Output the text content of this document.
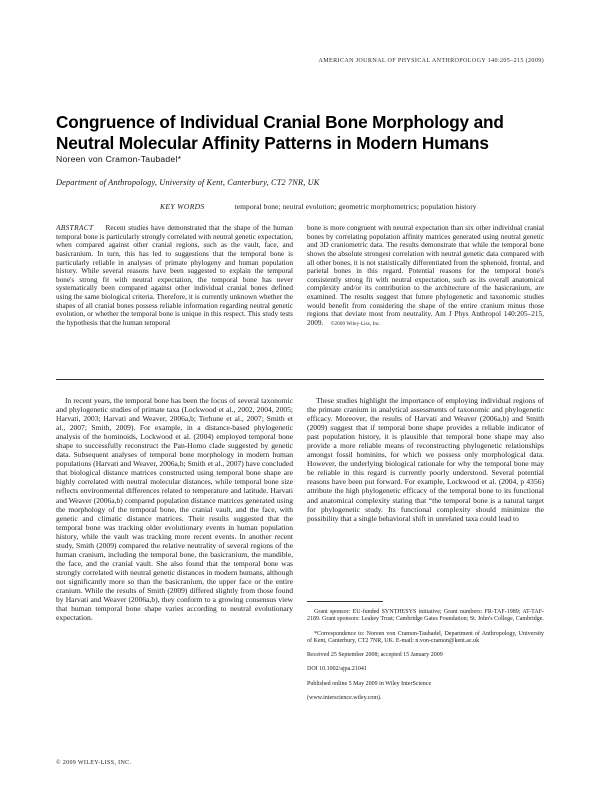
AMERICAN JOURNAL OF PHYSICAL ANTHROPOLOGY 140:205–215 (2009)
Congruence of Individual Cranial Bone Morphology and Neutral Molecular Affinity Patterns in Modern Humans
Noreen von Cramon-Taubadel*
Department of Anthropology, University of Kent, Canterbury, CT2 7NR, UK
KEY WORDS	temporal bone; neutral evolution; geometric morphometrics; population history
ABSTRACT Recent studies have demonstrated that the shape of the human temporal bone is particularly strongly correlated with neutral genetic expectation, when compared against other cranial regions, such as the vault, face, and basicranium. In turn, this has led to suggestions that the temporal bone is particularly reliable in analyses of primate phylogeny and human population history. While several reasons have been suggested to explain the temporal bone's strong fit with neutral expectation, the temporal bone has never systematically been compared against other individual cranial bones defined using the same biological criteria. Therefore, it is currently unknown whether the shapes of all cranial bones possess reliable information regarding neutral genetic evolution, or whether the temporal bone is unique in this respect. This study tests the hypothesis that the human temporal
bone is more congruent with neutral expectation than six other individual cranial bones by correlating population affinity matrices generated using neutral genetic and 3D craniometric data. The results demonstrate that while the temporal bone shows the absolute strongest correlation with neutral genetic data compared with all other bones, it is not statistically differentiated from the sphenoid, frontal, and parietal bones in this regard. Potential reasons for the temporal bone's consistently strong fit with neutral expectation, such as its overall anatomical complexity and/or its contribution to the architecture of the basicranium, are examined. The results suggest that future phylogenetic and taxonomic studies would benefit from considering the shape of the entire cranium minus those regions that deviate most from neutrality. Am J Phys Anthropol 140:205–215, 2009. ©2009 Wiley-Liss, Inc.

In recent years, the temporal bone has been the focus of several taxonomic and phylogenetic studies of primate taxa (Lockwood et al., 2002, 2004, 2005; Harvati, 2003; Harvati and Weaver, 2006a,b; Terhune et al., 2007; Smith et al., 2007; Smith, 2009). For example, in a distance-based phylogenetic analysis of the hominoids, Lockwood et al. (2004) employed temporal bone shape to successfully reconstruct the Pan-Homo clade suggested by genetic data. Subsequent analyses of temporal bone morphology in modern human populations (Harvati and Weaver, 2006a,b; Smith et al., 2007) have concluded that biological distance matrices constructed using temporal bone shape are highly correlated with neutral molecular distances, while temporal bone size reflects environmental differences related to temperature and latitude. Harvati and Weaver (2006a,b) compared population distance matrices generated using the morphology of the temporal bone, the cranial vault, and the face, with genetic and climatic distance matrices. Their results suggested that the temporal bone was tracking older evolutionary events in human population history, while the vault was tracking more recent events. In another recent study, Smith (2009) compared the relative neutrality of several regions of the human cranium, including the temporal bone, the basicranium, the mandible, the face, and the cranial vault. She also found that the temporal bone was strongly correlated with neutral genetic distances in modern humans, although not significantly more so than the basicranium, the upper face or the entire cranium. While the results of Smith (2009) differed slightly from those found by Harvati and Weaver (2006a,b), they conform to a growing consensus view that human temporal bone shape varies according to neutral evolutionary expectation.

These studies highlight the importance of employing individual regions of the primate cranium in analytical assessments of taxonomic and phylogenetic efficacy. Moreover, the results of Harvati and Weaver (2006a,b) and Smith (2009) suggest that if temporal bone shape provides a reliable indicator of past population history, it is plausible that temporal bone shape may also provide a more reliable means of reconstructing phylogenetic relationships amongst fossil hominins, for which we possess only morphological data. However, the underlying biological rationale for why the temporal bone may be reliable in this regard is currently poorly understood. Several potential reasons have been put forward. For example, Lockwood et al. (2004, p 4356) attribute the high phylogenetic efficacy of the temporal bone to its functional and anatomical complexity stating that “the temporal bone is a natural target for phylogenetic study. Its functional complexity should minimize the possibility that a single behavioral shift in unrelated taxa could lead to

Grant sponsor: EU-funded SYNTHESYS initiative; Grant numbers: FR-TAF-1989; AT-TAF-2189. Grant sponsors: Leakey Trust; Cambridge Gates Foundation; St. John's College, Cambridge.

*Correspondence to: Noreen von Cramon-Taubadel, Department of Anthropology, University of Kent, Canterbury, CT2 7NR, UK. E-mail: n.von-cramon@kent.ac.uk

Received 25 September 2008; accepted 15 January 2009

DOI 10.1002/ajpa.21041

Published online 5 May 2009 in Wiley InterScience

(www.interscience.wiley.com).

© 2009 WILEY-LISS, INC.
